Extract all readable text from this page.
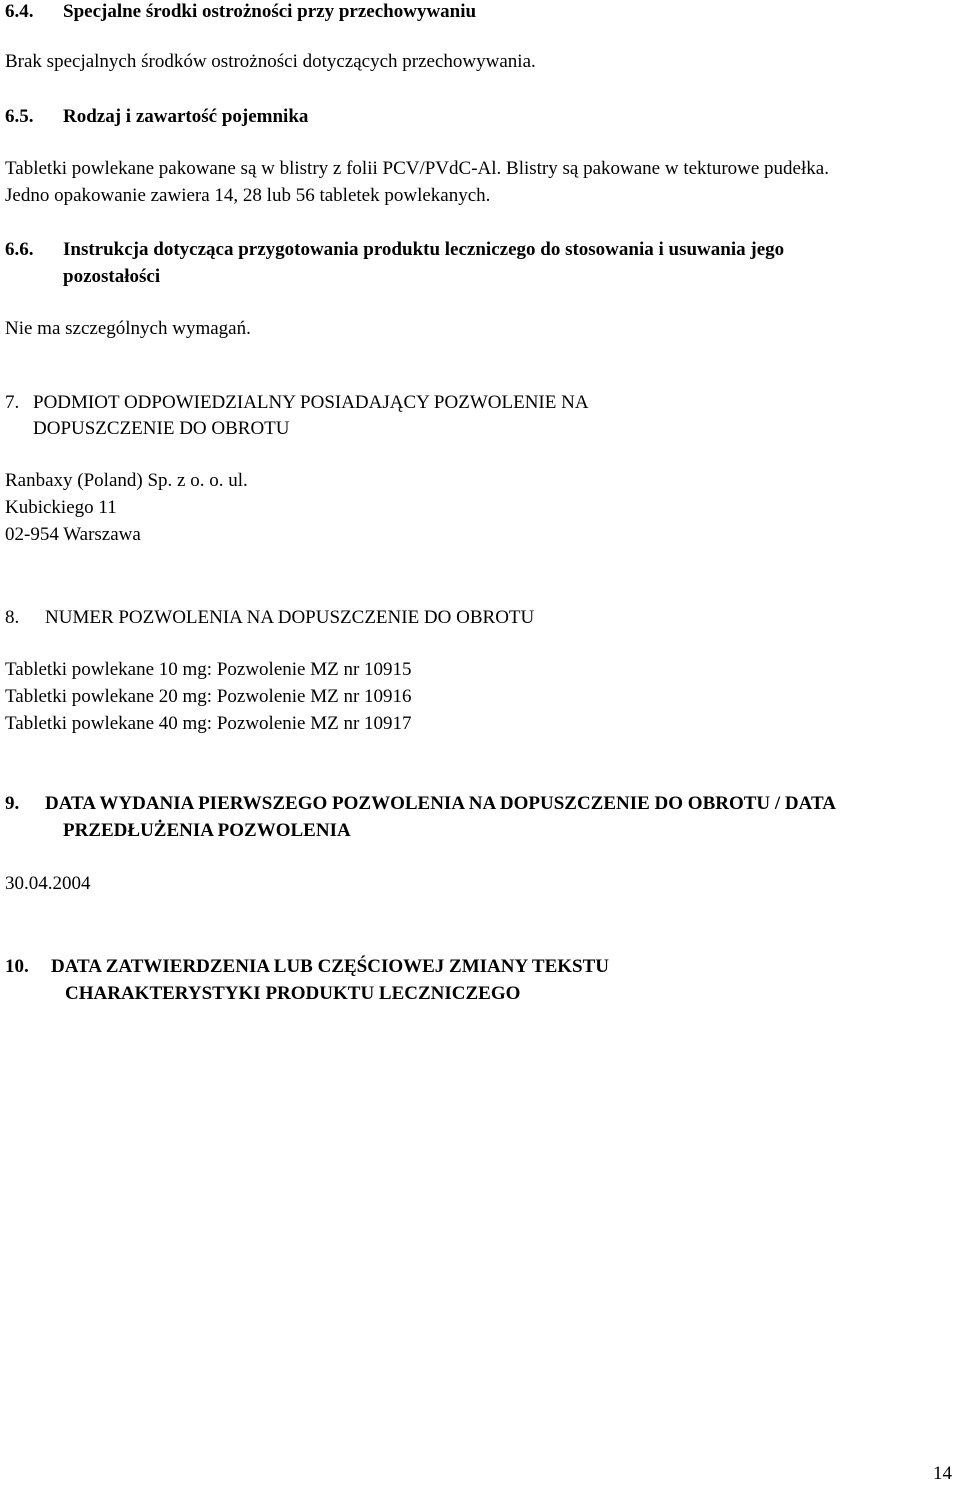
6.4. Specjalne środki ostrożności przy przechowywaniu
Brak specjalnych środków ostrożności dotyczących przechowywania.
6.5. Rodzaj i zawartość pojemnika
Tabletki powlekane pakowane są w blistry z folii PCV/PVdC-Al. Blistry są pakowane w tekturowe pudełka.
Jedno opakowanie zawiera 14, 28 lub 56 tabletek powlekanych.
6.6. Instrukcja dotycząca przygotowania produktu leczniczego do stosowania i usuwania jego
pozostałości
Nie ma szczególnych wymagań.
7. PODMIOT ODPOWIEDZIALNY POSIADAJĄCY POZWOLENIE NA
DOPUSZCZENIE DO OBROTU
Ranbaxy (Poland) Sp. z o. o. ul.
Kubickiego 11
02-954 Warszawa
8. NUMER POZWOLENIA NA DOPUSZCZENIE DO OBROTU
Tabletki powlekane 10 mg: Pozwolenie MZ nr 10915
Tabletki powlekane 20 mg: Pozwolenie MZ nr 10916
Tabletki powlekane 40 mg: Pozwolenie MZ nr 10917
9. DATA WYDANIA PIERWSZEGO POZWOLENIA NA DOPUSZCZENIE DO OBROTU / DATA
PRZEDŁUŻENIA POZWOLENIA
30.04.2004
10. DATA ZATWIERDZENIA LUB CZĘŚCIOWEJ ZMIANY TEKSTU
CHARAKTERYSTYKI PRODUKTU LECZNICZEGO
14
